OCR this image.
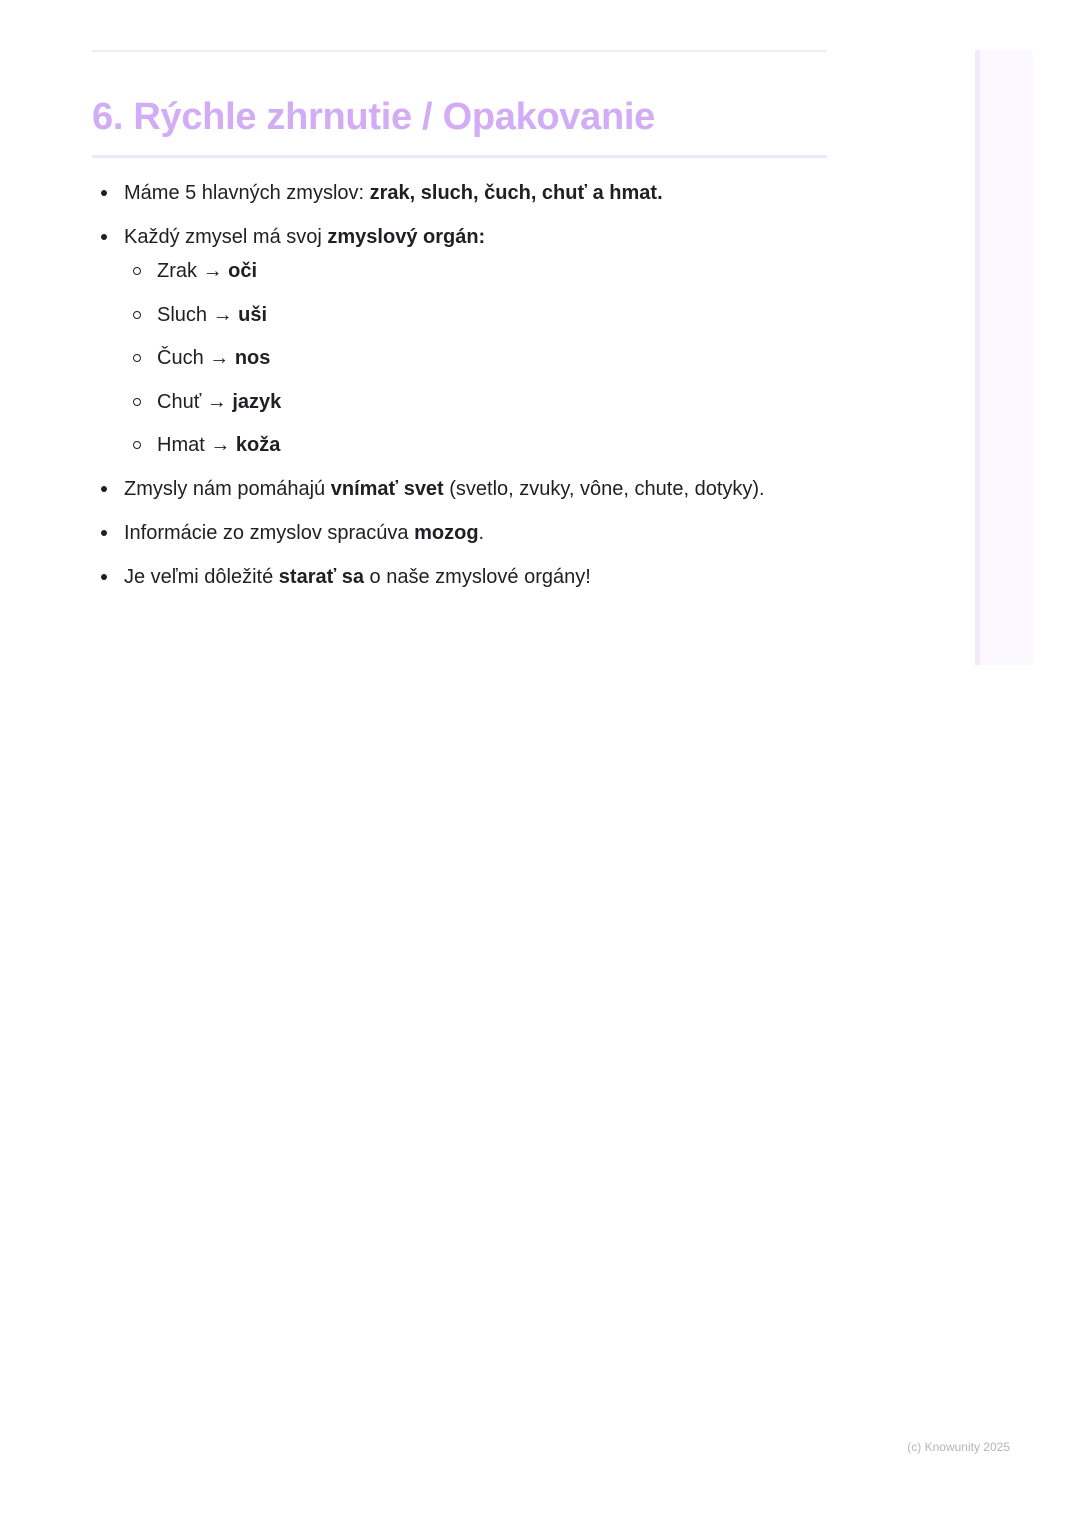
6. Rýchle zhrnutie / Opakovanie
Máme 5 hlavných zmyslov: zrak, sluch, čuch, chuť a hmat.
Každý zmysel má svoj zmyslový orgán:
Zrak → oči
Sluch → uši
Čuch → nos
Chuť → jazyk
Hmat → koža
Zmysly nám pomáhajú vnímať svet (svetlo, zvuky, vône, chute, dotyky).
Informácie zo zmyslov spracúva mozog.
Je veľmi dôležité starať sa o naše zmyslové orgány!
(c) Knowunity 2025
